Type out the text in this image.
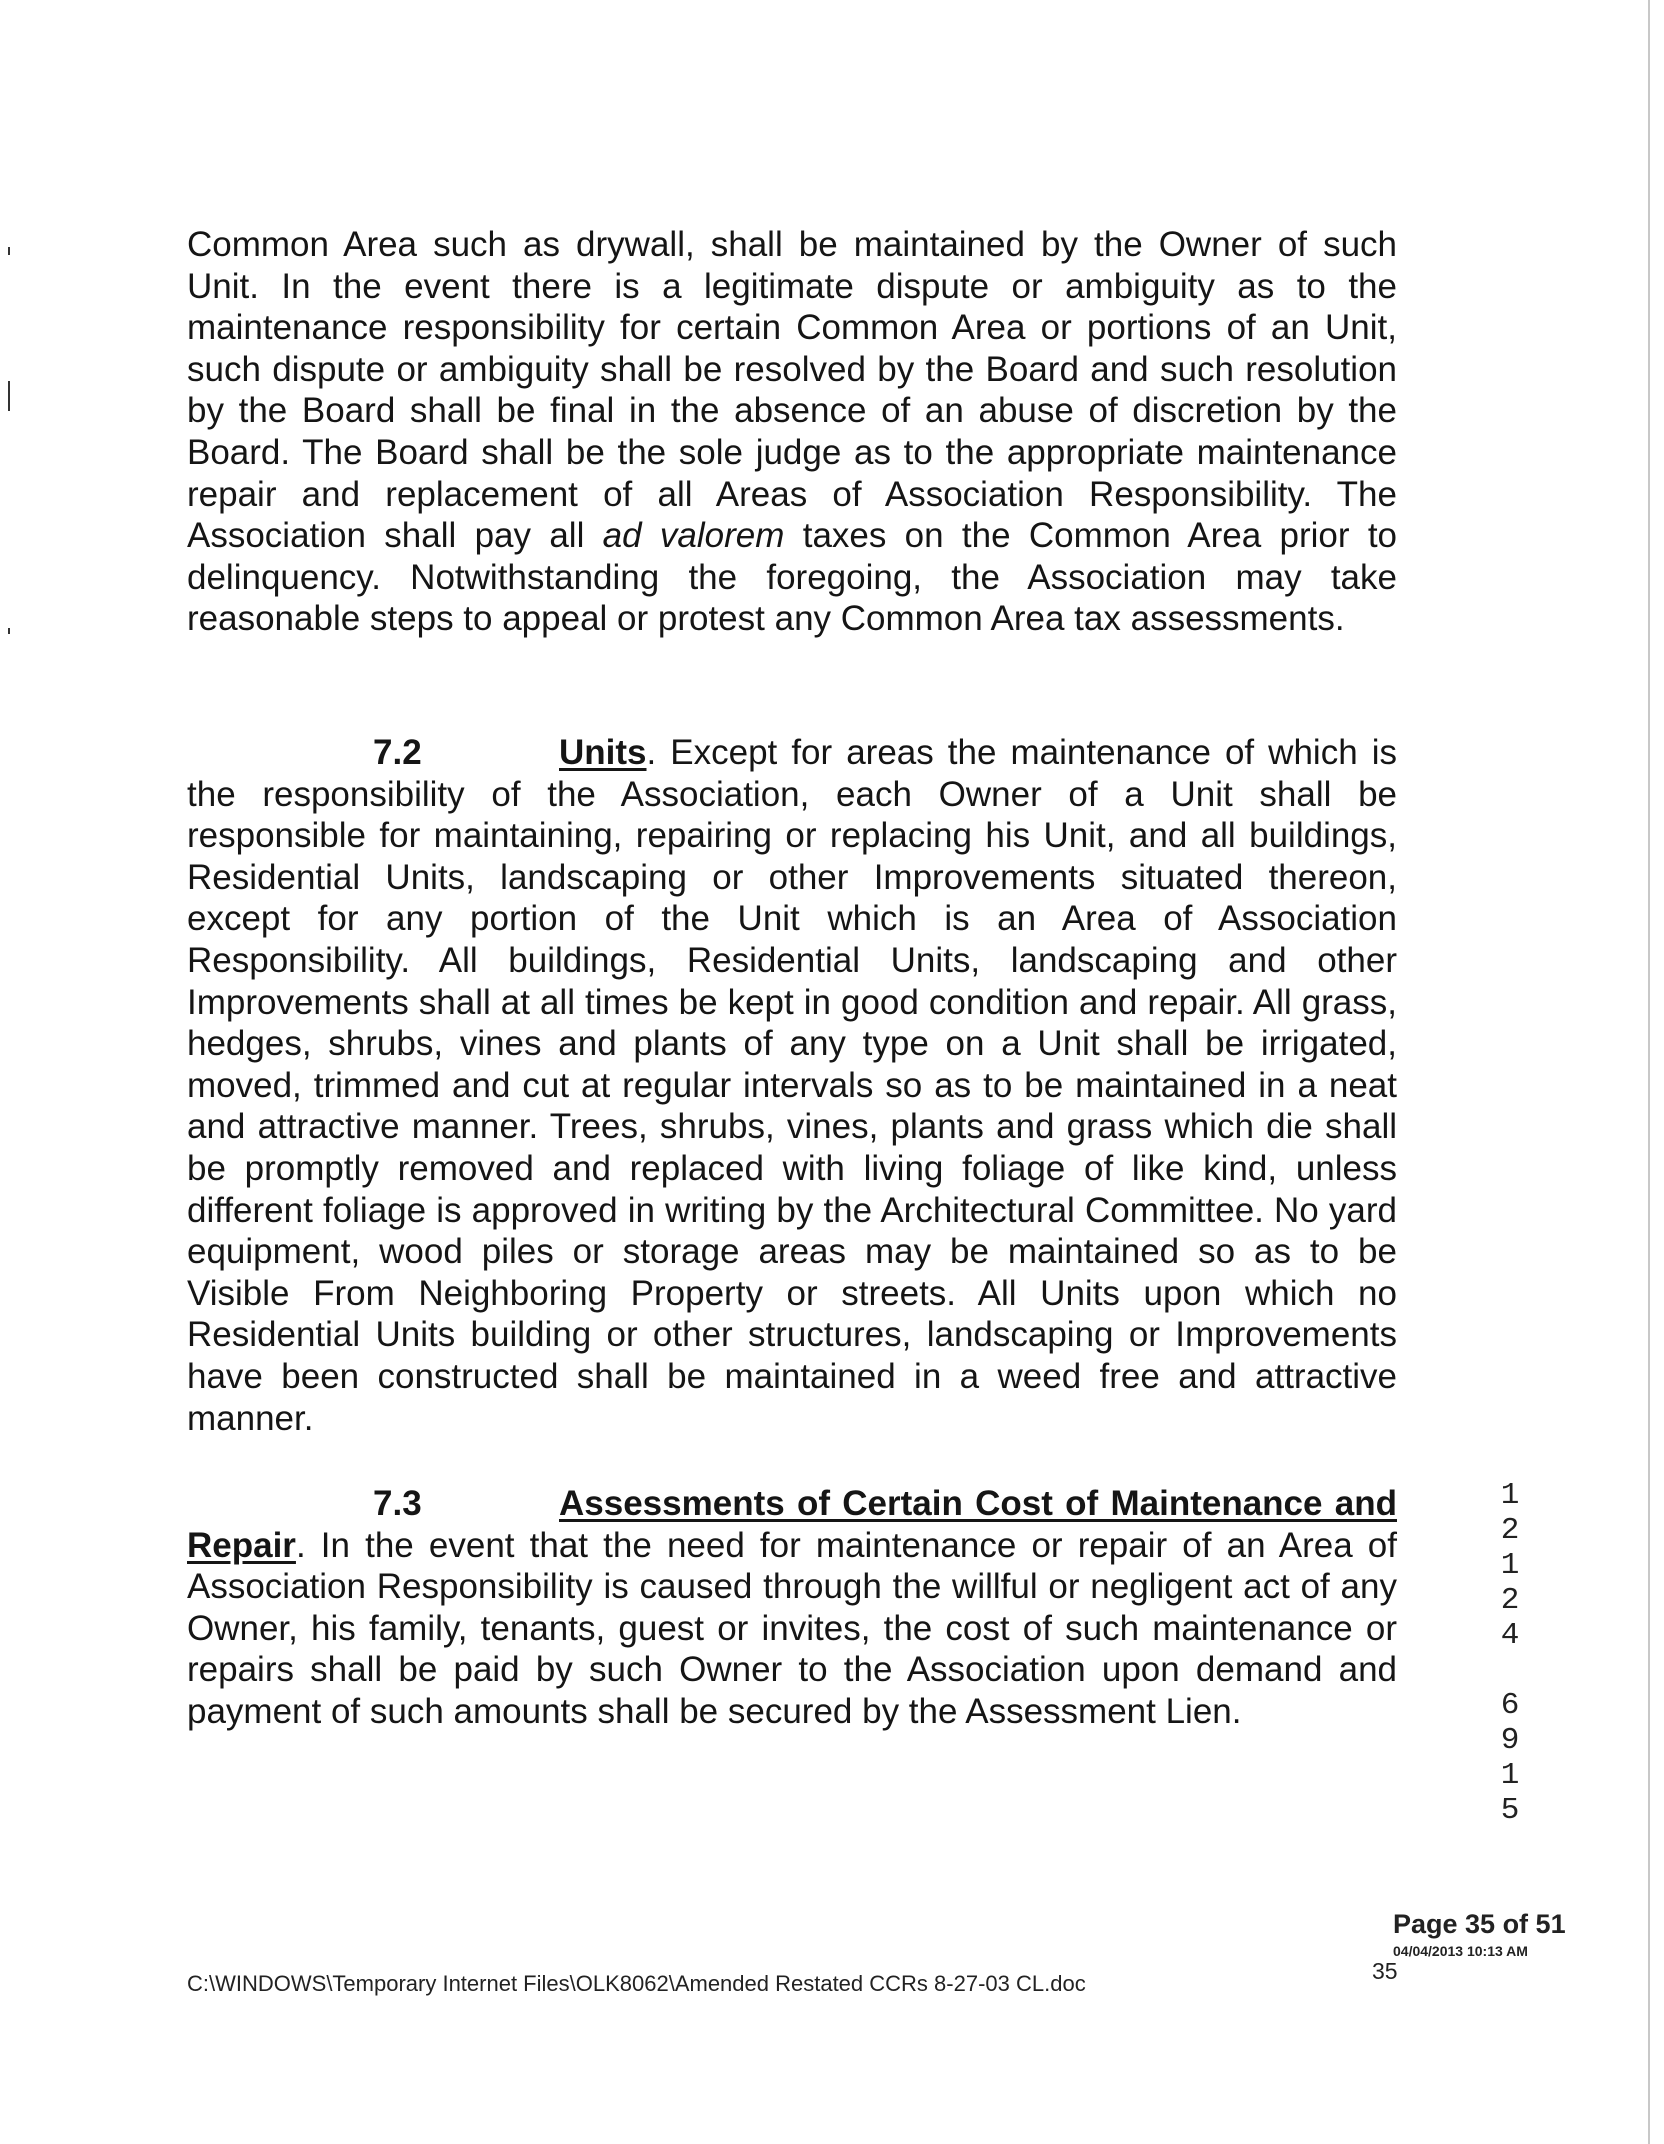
Common Area such as drywall, shall be maintained by the Owner of such Unit. In the event there is a legitimate dispute or ambiguity as to the maintenance responsibility for certain Common Area or portions of an Unit, such dispute or ambiguity shall be resolved by the Board and such resolution by the Board shall be final in the absence of an abuse of discretion by the Board. The Board shall be the sole judge as to the appropriate maintenance repair and replacement of all Areas of Association Responsibility. The Association shall pay all ad valorem taxes on the Common Area prior to delinquency. Notwithstanding the foregoing, the Association may take reasonable steps to appeal or protest any Common Area tax assessments.

7.2	Units. Except for areas the maintenance of which is the responsibility of the Association, each Owner of a Unit shall be responsible for maintaining, repairing or replacing his Unit, and all buildings, Residential Units, landscaping or other Improvements situated thereon, except for any portion of the Unit which is an Area of Association Responsibility. All buildings, Residential Units, landscaping and other Improvements shall at all times be kept in good condition and repair. All grass, hedges, shrubs, vines and plants of any type on a Unit shall be irrigated, moved, trimmed and cut at regular intervals so as to be maintained in a neat and attractive manner. Trees, shrubs, vines, plants and grass which die shall be promptly removed and replaced with living foliage of like kind, unless different foliage is approved in writing by the Architectural Committee. No yard equipment, wood piles or storage areas may be maintained so as to be Visible From Neighboring Property or streets. All Units upon which no Residential Units building or other structures, landscaping or Improvements have been constructed shall be maintained in a weed free and attractive manner.

7.3	Assessments of Certain Cost of Maintenance and Repair. In the event that the need for maintenance or repair of an Area of Association Responsibility is caused through the willful or negligent act of any Owner, his family, tenants, guest or invites, the cost of such maintenance or repairs shall be paid by such Owner to the Association upon demand and payment of such amounts shall be secured by the Assessment Lien.

1
2
1
2
4
6
9
1
5
Page 35 of 51
04/04/2013 10:13 AM
35
C:\WINDOWS\Temporary Internet Files\OLK8062\Amended Restated CCRs 8-27-03 CL.doc
